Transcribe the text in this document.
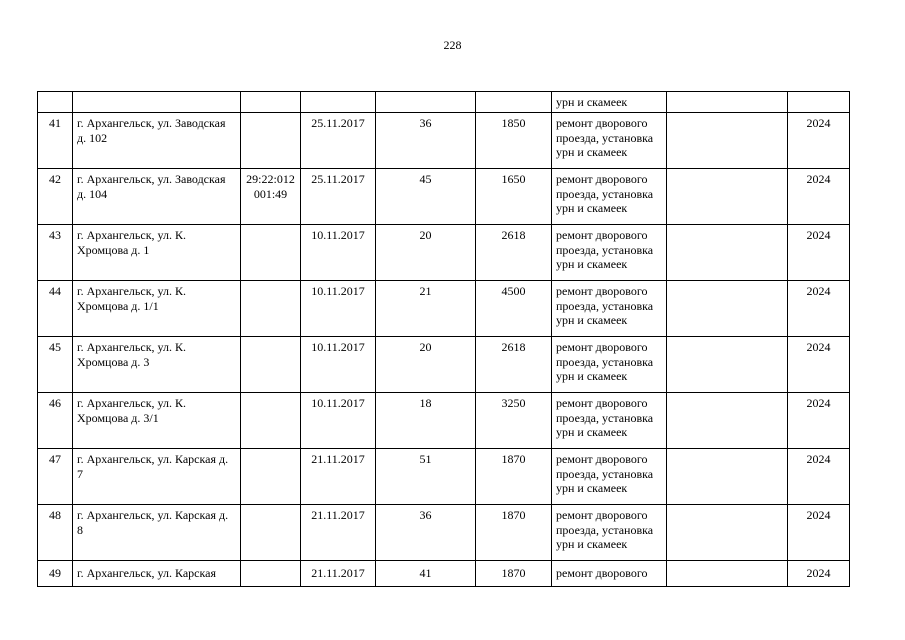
228
						урн и скамеек		
41	г. Архангельск, ул. Заводская д. 102		25.11.2017	36	1850	ремонт дворового проезда, установка урн и скамеек		2024
42	г. Архангельск, ул. Заводская д. 104	29:22:012 001:49	25.11.2017	45	1650	ремонт дворового проезда, установка урн и скамеек		2024
43	г. Архангельск, ул. К. Хромцова д. 1		10.11.2017	20	2618	ремонт дворового проезда, установка урн и скамеек		2024
44	г. Архангельск, ул. К. Хромцова д. 1/1		10.11.2017	21	4500	ремонт дворового проезда, установка урн и скамеек		2024
45	г. Архангельск, ул. К. Хромцова д. 3		10.11.2017	20	2618	ремонт дворового проезда, установка урн и скамеек		2024
46	г. Архангельск, ул. К. Хромцова д. 3/1		10.11.2017	18	3250	ремонт дворового проезда, установка урн и скамеек		2024
47	г. Архангельск, ул. Карская д. 7		21.11.2017	51	1870	ремонт дворового проезда, установка урн и скамеек		2024
48	г. Архангельск, ул. Карская д. 8		21.11.2017	36	1870	ремонт дворового проезда, установка урн и скамеек		2024
49	г. Архангельск, ул. Карская		21.11.2017	41	1870	ремонт дворового		2024
